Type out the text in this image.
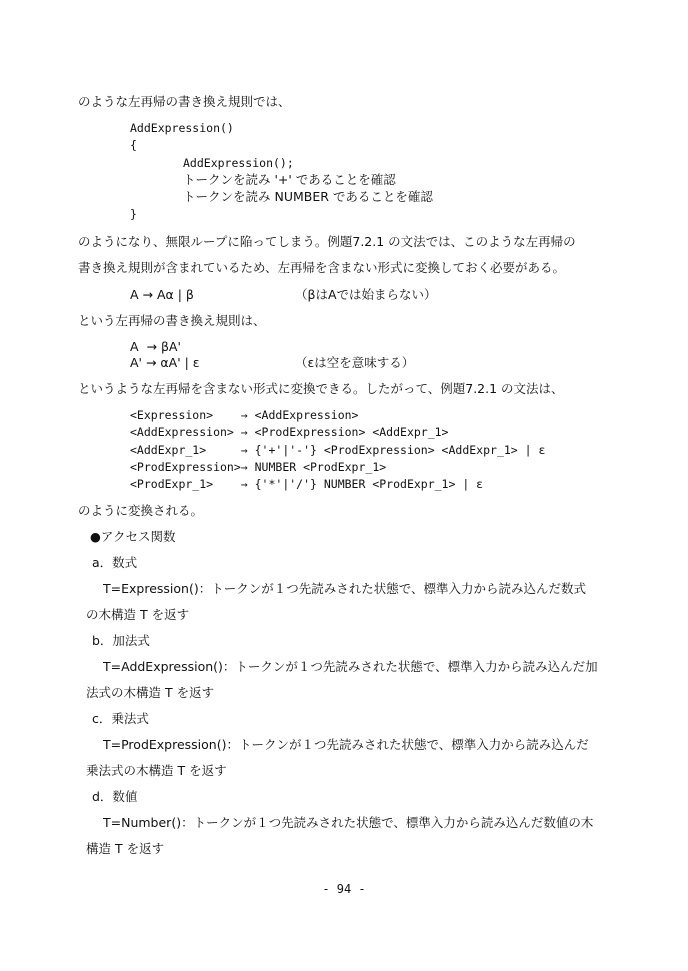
のような左再帰の書き換え規則では、
AddExpression()
{
AddExpression();
トークンを読み '+' であることを確認
トークンを読み NUMBER であることを確認
}
のようになり、無限ループに陥ってしまう。例題7.2.1 の文法では、このような左再帰の
書き換え規則が含まれているため、左再帰を含まない形式に変換しておく必要がある。
A → Aα | β	（βはAでは始まらない）
という左再帰の書き換え規則は、
A  → βA'
A' → αA' | ε	（εは空を意味する）
というような左再帰を含まない形式に変換できる。したがって、例題7.2.1 の文法は、
<Expression>    → <AddExpression>
<AddExpression> → <ProdExpression> <AddExpr_1>
<AddExpr_1>     → {'+'|'-'} <ProdExpression> <AddExpr_1> | ε
<ProdExpression>→ NUMBER <ProdExpr_1>
<ProdExpr_1>    → {'*'|'/'} NUMBER <ProdExpr_1> | ε
のように変換される。
●アクセス関数
a．数式
T=Expression()：トークンが１つ先読みされた状態で、標準入力から読み込んだ数式
の木構造 T を返す
b．加法式
T=AddExpression()：トークンが１つ先読みされた状態で、標準入力から読み込んだ加
法式の木構造 T を返す
c．乗法式
T=ProdExpression()：トークンが１つ先読みされた状態で、標準入力から読み込んだ
乗法式の木構造 T を返す
d．数値
T=Number()：トークンが１つ先読みされた状態で、標準入力から読み込んだ数値の木
構造 T を返す
- 94 -
